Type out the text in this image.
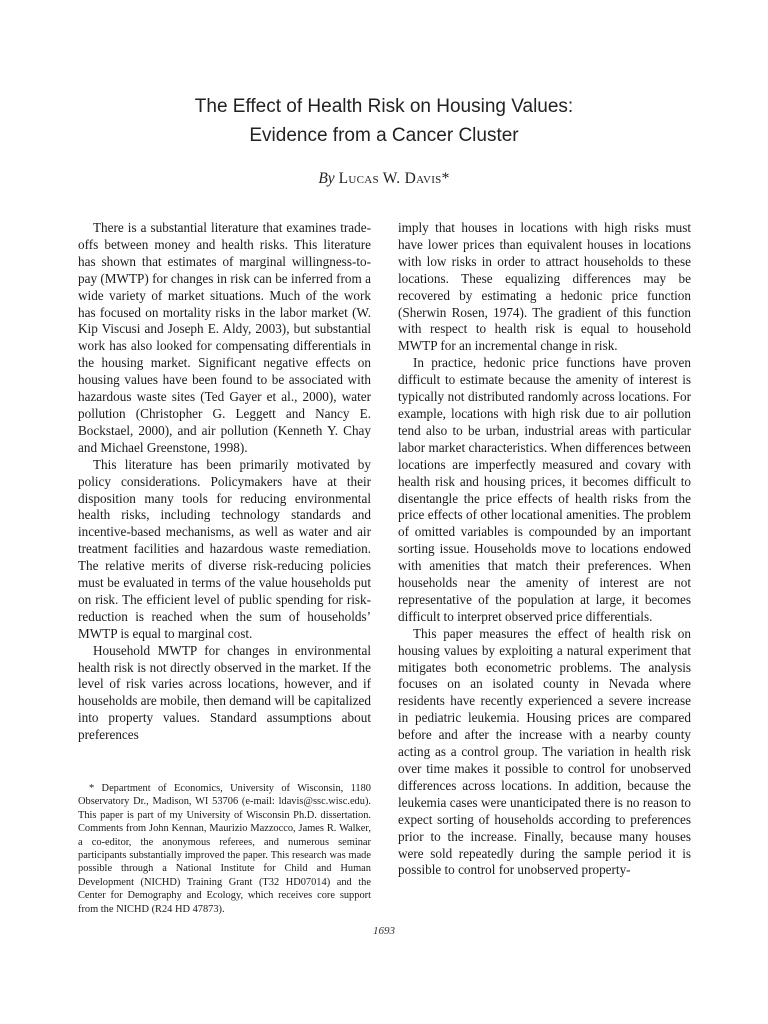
The Effect of Health Risk on Housing Values:
Evidence from a Cancer Cluster
By Lucas W. Davis*

There is a substantial literature that examines trade-offs between money and health risks. This literature has shown that estimates of marginal willingness-to-pay (MWTP) for changes in risk can be inferred from a wide variety of market situations. Much of the work has focused on mortality risks in the labor market (W. Kip Viscusi and Joseph E. Aldy, 2003), but substantial work has also looked for compensating differentials in the housing market. Significant negative effects on housing values have been found to be associated with hazardous waste sites (Ted Gayer et al., 2000), water pollution (Christopher G. Leggett and Nancy E. Bockstael, 2000), and air pollution (Kenneth Y. Chay and Michael Greenstone, 1998).

This literature has been primarily motivated by policy considerations. Policymakers have at their disposition many tools for reducing environmental health risks, including technology standards and incentive-based mechanisms, as well as water and air treatment facilities and hazardous waste remediation. The relative merits of diverse risk-reducing policies must be evaluated in terms of the value households put on risk. The efficient level of public spending for risk-reduction is reached when the sum of households’ MWTP is equal to marginal cost.

Household MWTP for changes in environmental health risk is not directly observed in the market. If the level of risk varies across locations, however, and if households are mobile, then demand will be capitalized into property values. Standard assumptions about preferences

imply that houses in locations with high risks must have lower prices than equivalent houses in locations with low risks in order to attract households to these locations. These equalizing differences may be recovered by estimating a hedonic price function (Sherwin Rosen, 1974). The gradient of this function with respect to health risk is equal to household MWTP for an incremental change in risk.

In practice, hedonic price functions have proven difficult to estimate because the amenity of interest is typically not distributed randomly across locations. For example, locations with high risk due to air pollution tend also to be urban, industrial areas with particular labor market characteristics. When differences between locations are imperfectly measured and covary with health risk and housing prices, it becomes difficult to disentangle the price effects of health risks from the price effects of other locational amenities. The problem of omitted variables is compounded by an important sorting issue. Households move to locations endowed with amenities that match their preferences. When households near the amenity of interest are not representative of the population at large, it becomes difficult to interpret observed price differentials.

This paper measures the effect of health risk on housing values by exploiting a natural experiment that mitigates both econometric problems. The analysis focuses on an isolated county in Nevada where residents have recently experienced a severe increase in pediatric leukemia. Housing prices are compared before and after the increase with a nearby county acting as a control group. The variation in health risk over time makes it possible to control for unobserved differences across locations. In addition, because the leukemia cases were unanticipated there is no reason to expect sorting of households according to preferences prior to the increase. Finally, because many houses were sold repeatedly during the sample period it is possible to control for unobserved property-

* Department of Economics, University of Wisconsin, 1180 Observatory Dr., Madison, WI 53706 (e-mail: ldavis@ssc.wisc.edu). This paper is part of my University of Wisconsin Ph.D. dissertation. Comments from John Kennan, Maurizio Mazzocco, James R. Walker, a co-editor, the anonymous referees, and numerous seminar participants substantially improved the paper. This research was made possible through a National Institute for Child and Human Development (NICHD) Training Grant (T32 HD07014) and the Center for Demography and Ecology, which receives core support from the NICHD (R24 HD 47873).

1693
